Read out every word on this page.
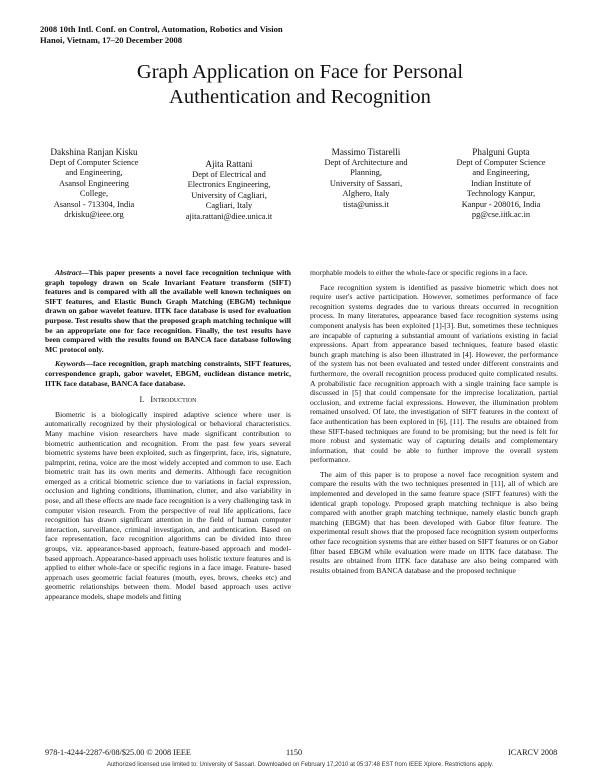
2008 10th Intl. Conf. on Control, Automation, Robotics and Vision
Hanoi, Vietnam, 17–20 December 2008
Graph Application on Face for Personal
Authentication and Recognition
Dakshina Ranjan Kisku
Dept of Computer Science
and Engineering,
Asansol Engineering
College,
Asansol - 713304, India
drkisku@ieee.org
Ajita Rattani
Dept of Electrical and
Electronics Engineering,
University of Cagliari,
Cagliari, Italy
ajita.rattani@diee.unica.it
Massimo Tistarelli
Dept of Architecture and
Planning,
University of Sassari,
Alghero, Italy
tista@uniss.it
Phalguni Gupta
Dept of Computer Science
and Engineering,
Indian Institute of
Technology Kanpur,
Kanpur - 208016, India
pg@cse.iitk.ac.in

Abstract—This paper presents a novel face recognition technique with graph topology drawn on Scale Invariant Feature transform (SIFT) features and is compared with all the available well known techniques on SIFT features, and Elastic Bunch Graph Matching (EBGM) technique drawn on gabor wavelet feature. IITK face database is used for evaluation purpose. Test results show that the proposed graph matching technique will be an appropriate one for face recognition. Finally, the test results have been compared with the results found on BANCA face database following MC protocol only.

Keywords—face recognition, graph matching constraints, SIFT features, correspondence graph, gabor wavelet, EBGM, euclidean distance metric, IITK face database, BANCA face database.

I. Introduction

Biometric is a biologically inspired adaptive science where user is automatically recognized by their physiological or behavioral characteristics. Many machine vision researchers have made significant contribution to biometric authentication and recognition. From the past few years several biometric systems have been exploited, such as fingerprint, face, iris, signature, palmprint, retina, voice are the most widely accepted and common to use. Each biometric trait has its own merits and demerits. Although face recognition emerged as a critical biometric science due to variations in facial expression, occlusion and lighting conditions, illumination, clutter, and also variability in pose, and all these effects are made face recognition is a very challenging task in computer vision research. From the perspective of real life applications, face recognition has drawn significant attention in the field of human computer interaction, surveillance, criminal investigation, and authentication. Based on face representation, face recognition algorithms can be divided into three groups, viz. appearance-based approach, feature-based approach and model-based approach. Appearance-based approach uses holistic texture features and is applied to either whole-face or specific regions in a face image. Feature- based approach uses geometric facial features (mouth, eyes, brows, cheeks etc) and geometric relationships between them. Model based approach uses active appearance models, shape models and fitting

morphable models to either the whole-face or specific regions in a face.

Face recognition system is identified as passive biometric which does not require user's active participation. However, sometimes performance of face recognition systems degrades due to various threats occurred in recognition process. In many literatures, appearance based face recognition systems using component analysis has been exploited [1]-[3]. But, sometimes these techniques are incapable of capturing a substantial amount of variations existing in facial expressions. Apart from appearance based techniques, feature based elastic bunch graph matching is also been illustrated in [4]. However, the performance of the system has not been evaluated and tested under different constraints and furthermore, the overall recognition process produced quite complicated results. A probabilistic face recognition approach with a single training face sample is discussed in [5] that could compensate for the imprecise localization, partial occlusion, and extreme facial expressions. However, the illumination problem remained unsolved. Of late, the investigation of SIFT features in the context of face authentication has been explored in [6], [11]. The results are obtained from these SIFT-based techniques are found to be promising; but the need is felt for more robust and systematic way of capturing details and complementary information, that could be able to further improve the overall system performance.

The aim of this paper is to propose a novel face recognition system and compare the results with the two techniques presented in [11], all of which are implemented and developed in the same feature space (SIFT features) with the identical graph topology. Proposed graph matching technique is also being compared with another graph matching technique, namely elastic bunch graph matching (EBGM) that has been developed with Gabor filter feature. The experimental result shows that the proposed face recognition system outperforms other face recognition systems that are either based on SIFT features or on Gabor filter based EBGM while evaluation were made on IITK face database. The results are obtained from IITK face database are also being compared with results obtained from BANCA database and the proposed technique

978-1-4244-2287-6/08/$25.00 © 2008 IEEE	1150	ICARCV 2008
Authorized licensed use limited to: University of Sassari. Downloaded on February 17,2010 at 05:37:48 EST from IEEE Xplore. Restrictions apply.
